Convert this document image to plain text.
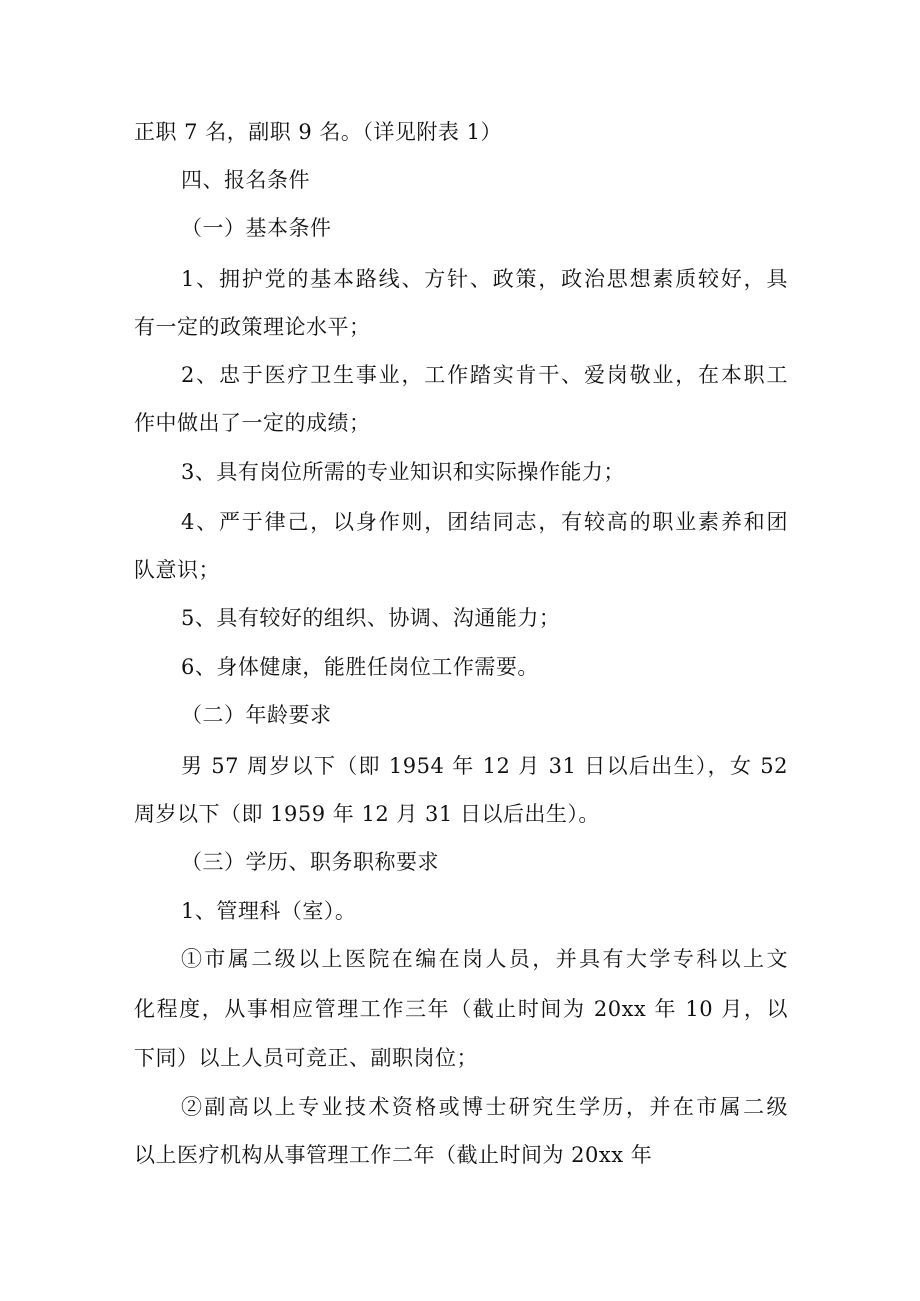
正职 7 名，副职 9 名。（详见附表 1）

四、报名条件

（一）基本条件

1、拥护党的基本路线、方针、政策，政治思想素质较好，具

有一定的政策理论水平；

2、忠于医疗卫生事业，工作踏实肯干、爱岗敬业，在本职工

作中做出了一定的成绩；

3、具有岗位所需的专业知识和实际操作能力；

4、严于律己，以身作则，团结同志，有较高的职业素养和团

队意识；

5、具有较好的组织、协调、沟通能力；

6、身体健康，能胜任岗位工作需要。

（二）年龄要求

男 57 周岁以下（即 1954 年 12 月 31 日以后出生），女 52

周岁以下（即 1959 年 12 月 31 日以后出生）。

（三）学历、职务职称要求

1、管理科（室）。

①市属二级以上医院在编在岗人员，并具有大学专科以上文

化程度，从事相应管理工作三年（截止时间为 20xx 年 10 月，以

下同）以上人员可竞正、副职岗位；

②副高以上专业技术资格或博士研究生学历，并在市属二级

以上医疗机构从事管理工作二年（截止时间为 20xx 年
